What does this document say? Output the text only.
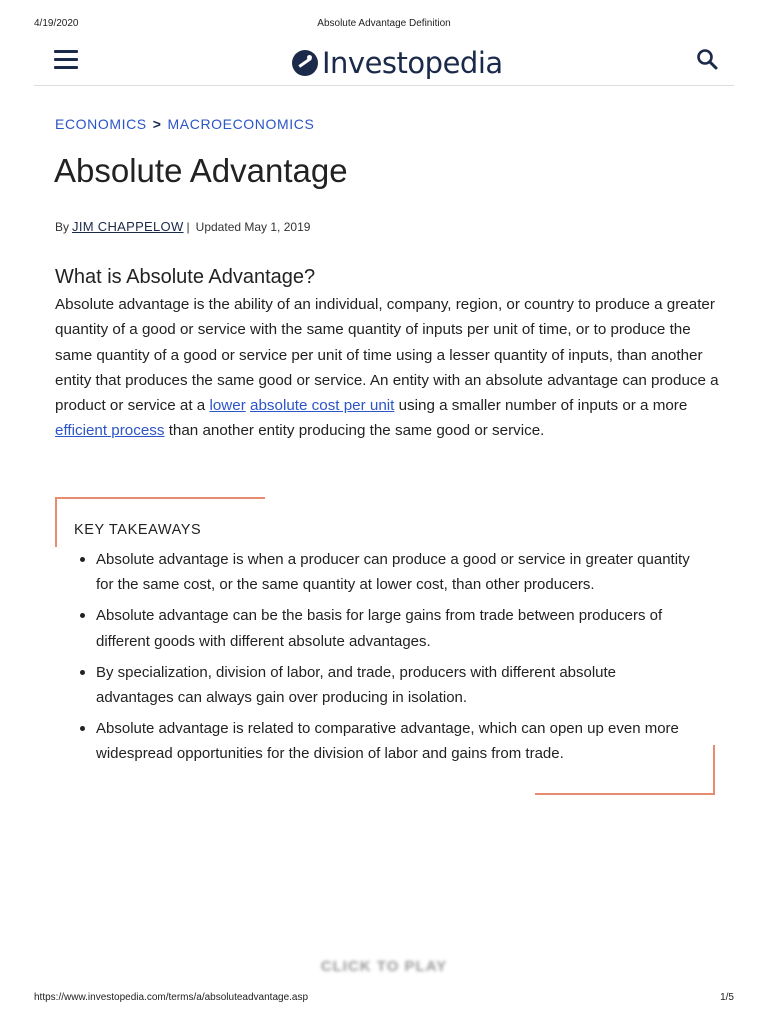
4/19/2020	Absolute Advantage Definition
Investopedia
ECONOMICS > MACROECONOMICS
Absolute Advantage
By JIM CHAPPELOW | Updated May 1, 2019
What is Absolute Advantage?

Absolute advantage is the ability of an individual, company, region, or country to produce a greater quantity of a good or service with the same quantity of inputs per unit of time, or to produce the same quantity of a good or service per unit of time using a lesser quantity of inputs, than another entity that produces the same good or service. An entity with an absolute advantage can produce a product or service at a lower absolute cost per unit using a smaller number of inputs or a more efficient process than another entity producing the same good or service.

KEY TAKEAWAYS
Absolute advantage is when a producer can produce a good or service in greater quantity for the same cost, or the same quantity at lower cost, than other producers.
Absolute advantage can be the basis for large gains from trade between producers of different goods with different absolute advantages.
By specialization, division of labor, and trade, producers with different absolute advantages can always gain over producing in isolation.
Absolute advantage is related to comparative advantage, which can open up even more widespread opportunities for the division of labor and gains from trade.
CLICK TO PLAY
https://www.investopedia.com/terms/a/absoluteadvantage.asp	1/5
